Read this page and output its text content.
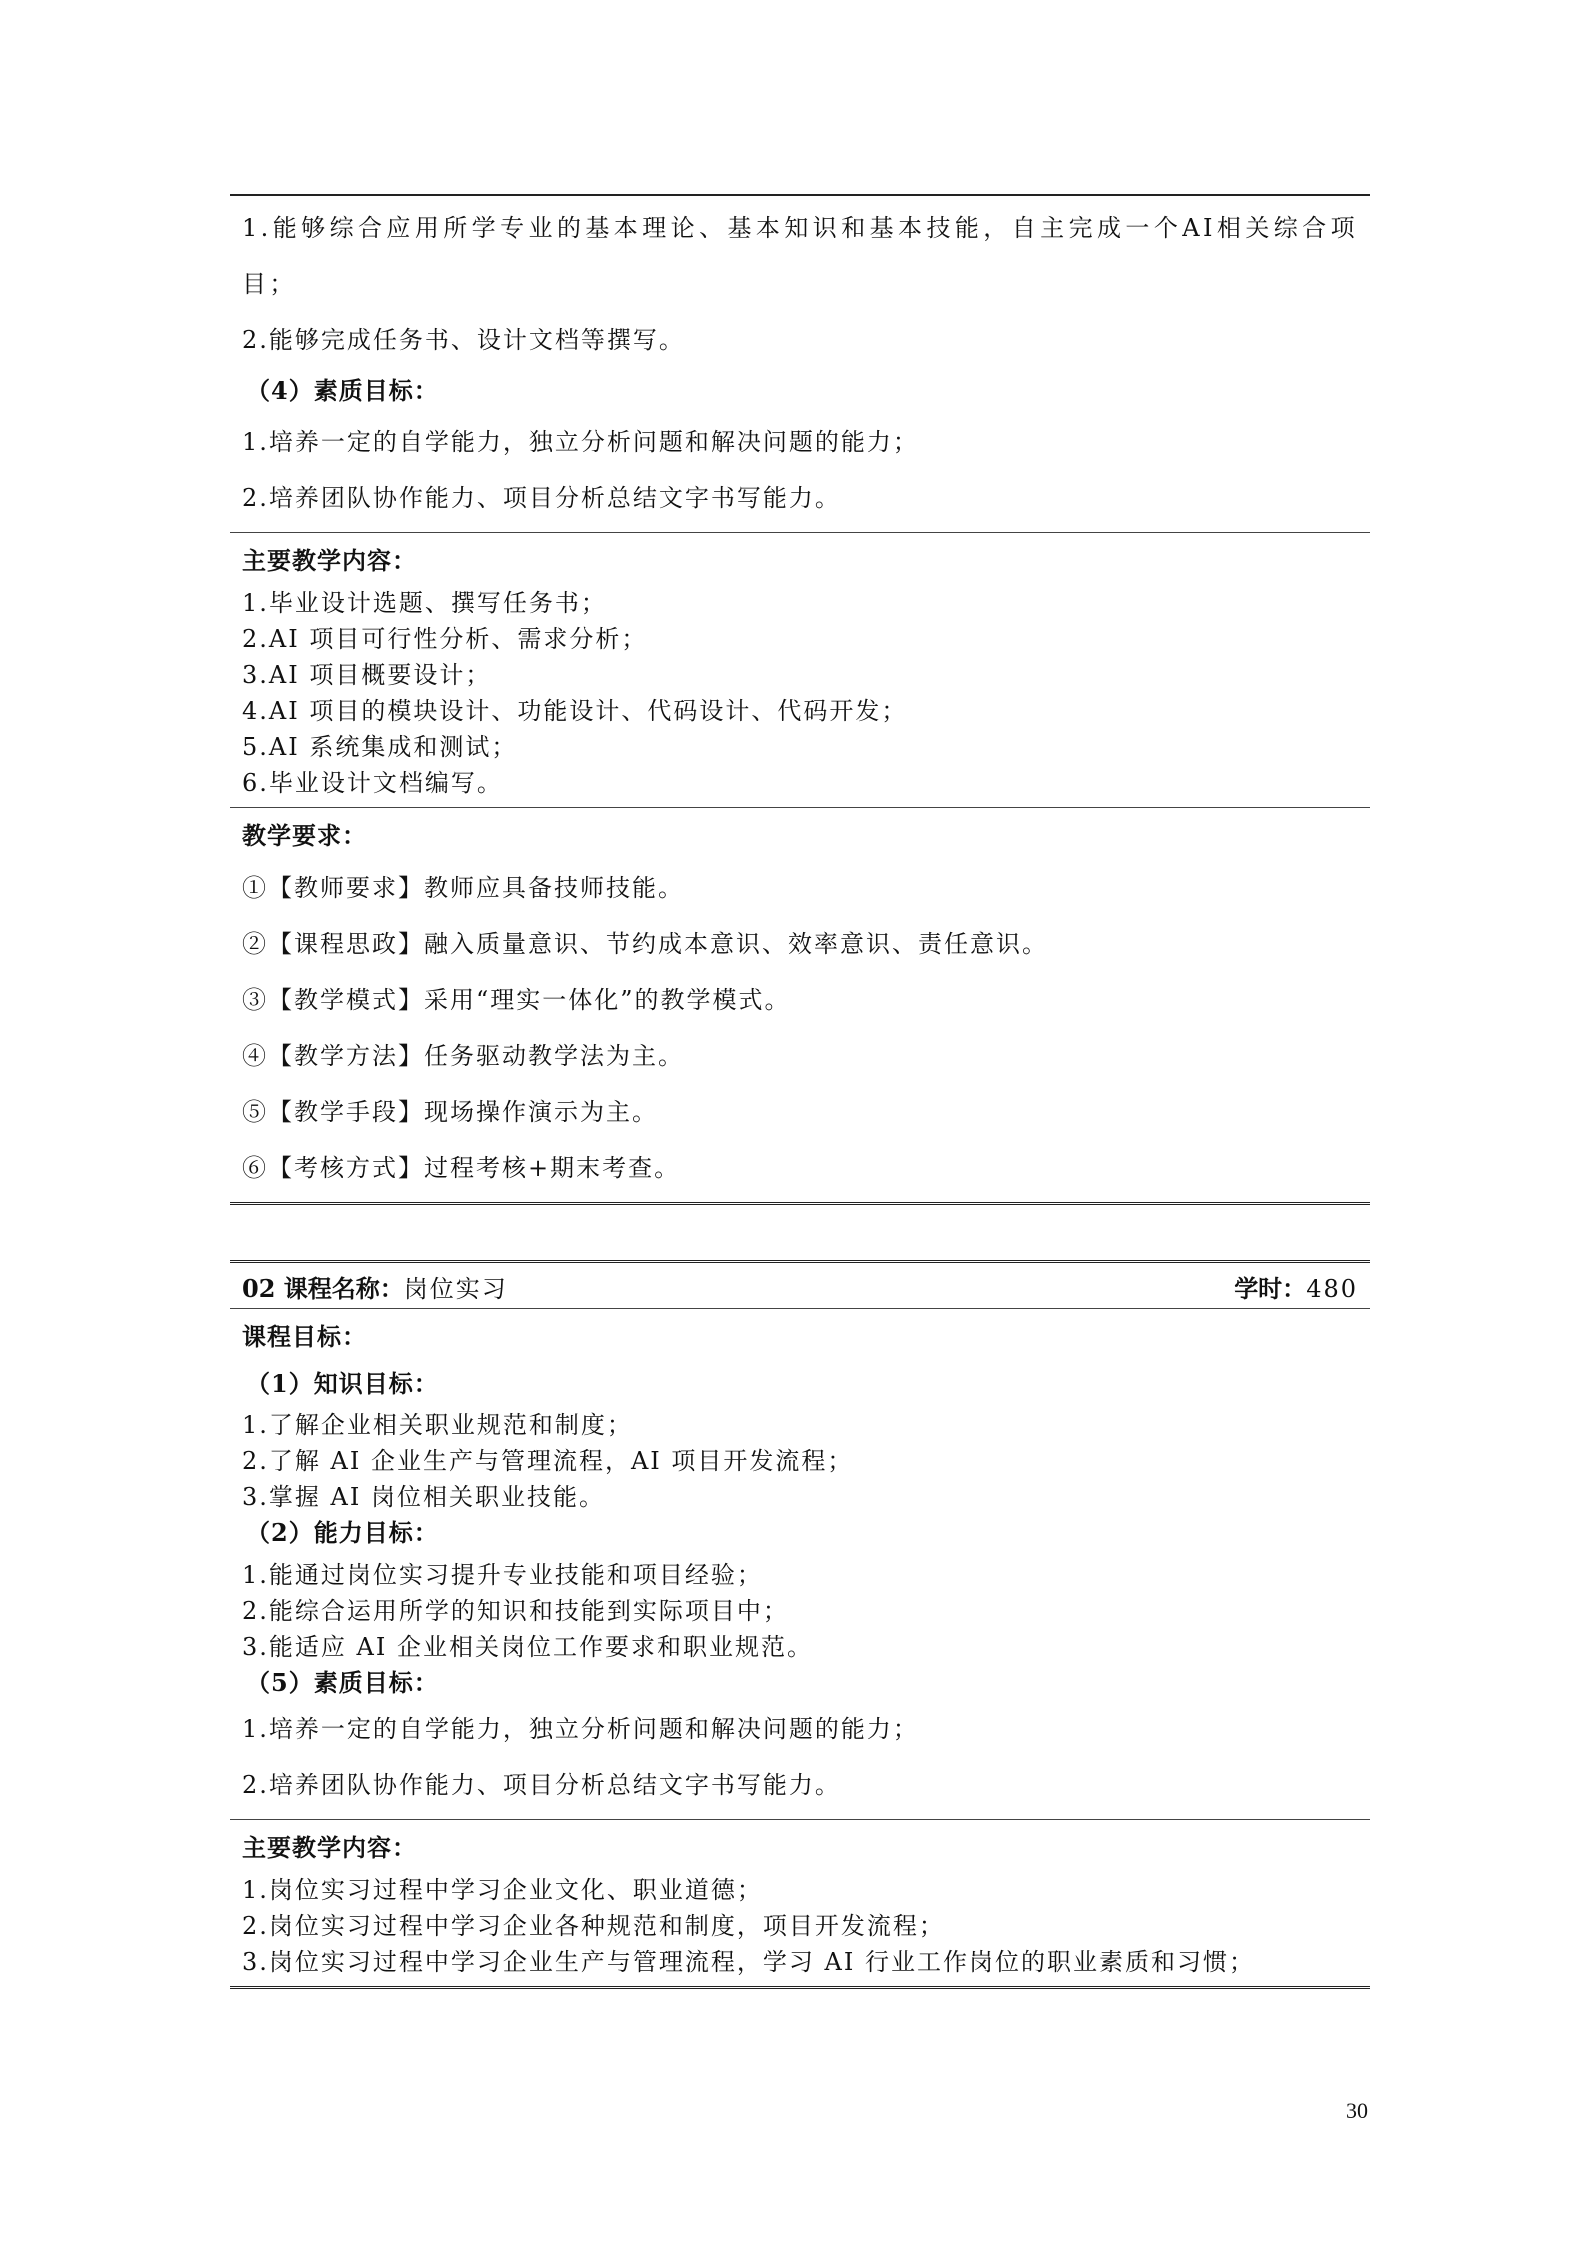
1.能够综合应用所学专业的基本理论、基本知识和基本技能，自主完成一个AI相关综合项目；
2.能够完成任务书、设计文档等撰写。
（4）素质目标：
1.培养一定的自学能力，独立分析问题和解决问题的能力；
2.培养团队协作能力、项目分析总结文字书写能力。
主要教学内容：
1.毕业设计选题、撰写任务书；
2.AI 项目可行性分析、需求分析；
3.AI 项目概要设计；
4.AI 项目的模块设计、功能设计、代码设计、代码开发；
5.AI 系统集成和测试；
6.毕业设计文档编写。
教学要求：
①【教师要求】教师应具备技师技能。
②【课程思政】融入质量意识、节约成本意识、效率意识、责任意识。
③【教学模式】采用“理实一体化”的教学模式。
④【教学方法】任务驱动教学法为主。
⑤【教学手段】现场操作演示为主。
⑥【考核方式】过程考核+期末考查。
02 课程名称：岗位实习	学时：480
课程目标：
（1）知识目标：
1.了解企业相关职业规范和制度；
2.了解 AI 企业生产与管理流程，AI 项目开发流程；
3.掌握 AI 岗位相关职业技能。
（2）能力目标：
1.能通过岗位实习提升专业技能和项目经验；
2.能综合运用所学的知识和技能到实际项目中；
3.能适应 AI 企业相关岗位工作要求和职业规范。
（5）素质目标：
1.培养一定的自学能力，独立分析问题和解决问题的能力；
2.培养团队协作能力、项目分析总结文字书写能力。
主要教学内容：
1.岗位实习过程中学习企业文化、职业道德；
2.岗位实习过程中学习企业各种规范和制度，项目开发流程；
3.岗位实习过程中学习企业生产与管理流程，学习 AI 行业工作岗位的职业素质和习惯；
30
